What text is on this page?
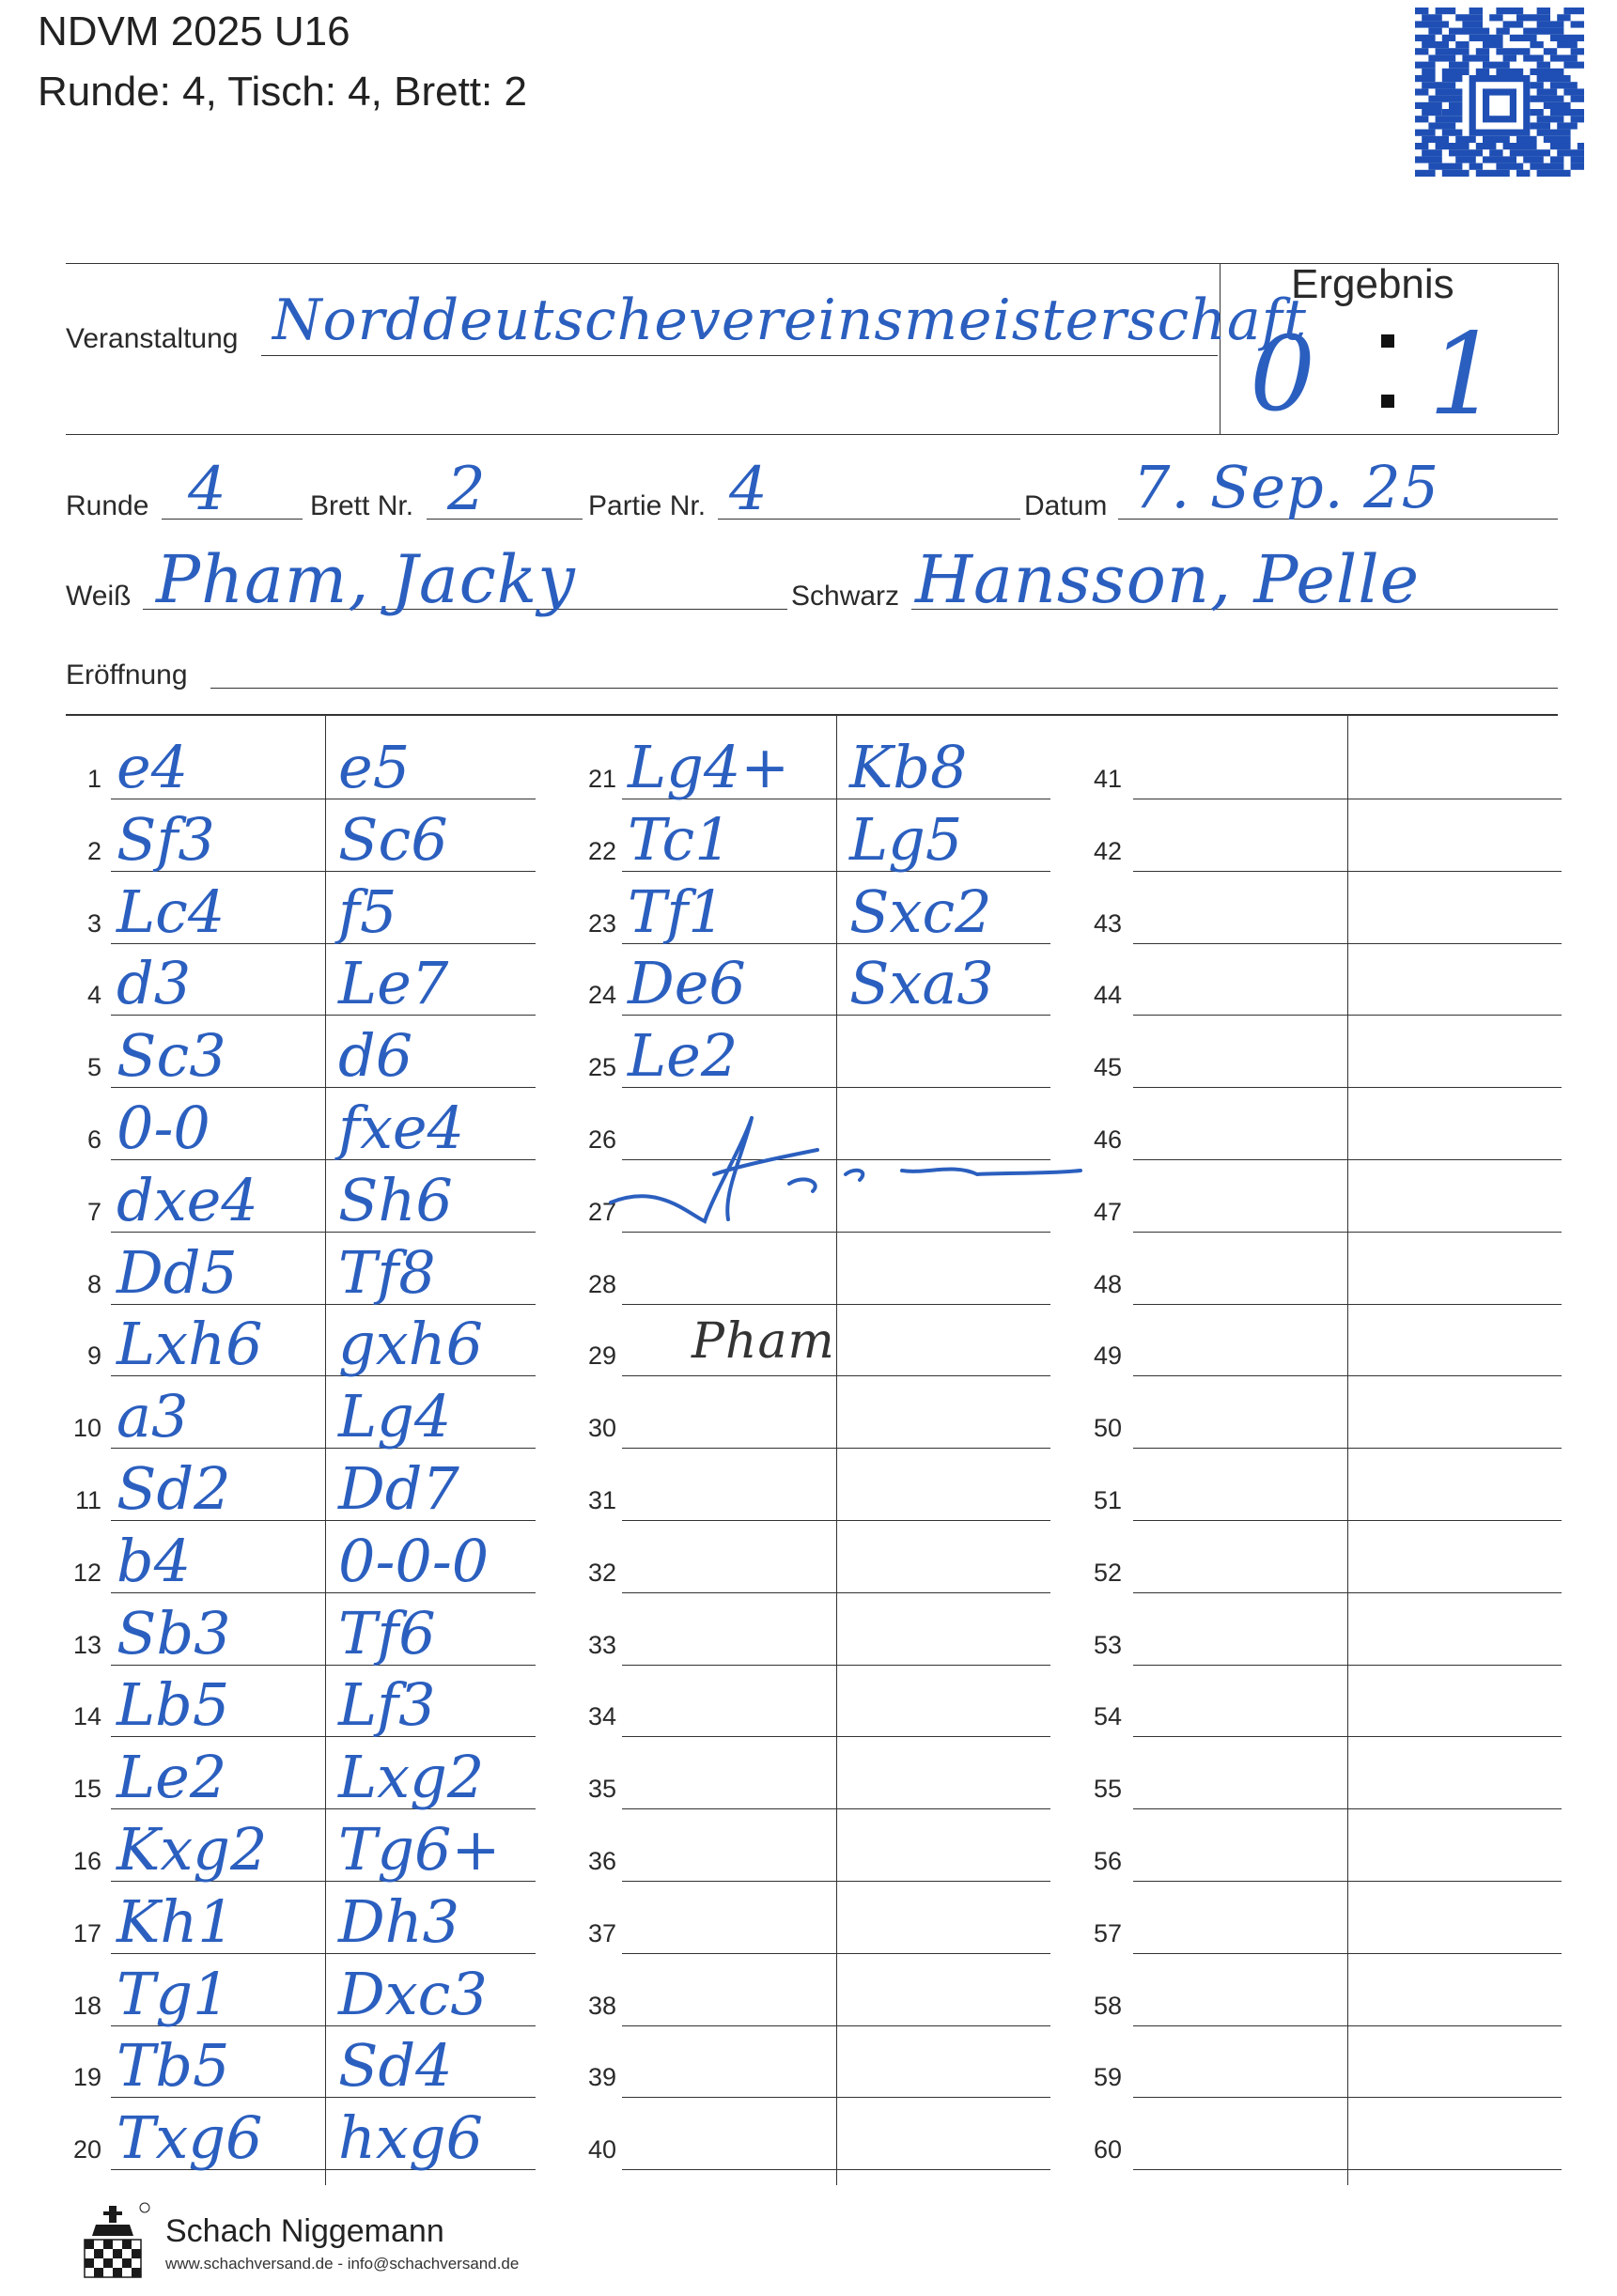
NDVM 2025 U16
Runde: 4, Tisch: 4, Brett: 2
Veranstaltung Norddeutschevereinsmeisterschaft
Ergebnis
0 1
Runde 4	Brett Nr. 2	Partie Nr. 4	Datum 7. Sep. 25
Weiß Pham, Jacky	Schwarz Hansson, Pelle
Eröffnung
1 e4	e5
2 Sf3 Sc6
3 Lc4 f5
4 d3	Le7
5 Sc3 d6
6 0-0 fxe4
7 dxe4 Sh6
8 Dd5 Tf8
9 Lxh6 gxh6
10 a3	Lg4
11 Sd2 Dd7
12 b4	0-0-0
13 Sb3 Tf6
14 Lb5 Lf3
15 Le2 Lxg2
16 Kxg2 Tg6+
17 Kh1 Dh3
18 Tg1 Dxc3
19 Tb5 Sd4
20 Txg6 hxg6
21 Lg4+ Kb8
22 Tc1 Lg5
23 Tf1 Sxc2
24 De6 Sxa3
25 Le2
26
27
28
29
30
31
32
33
34
35
36
37
38
39
40
41
42
43
44
45
46
47
48
49
50
51
52
53
54
55
56
57
58
59
60
Pham
Schach Niggemann
www.schachversand.de - info@schachversand.de
